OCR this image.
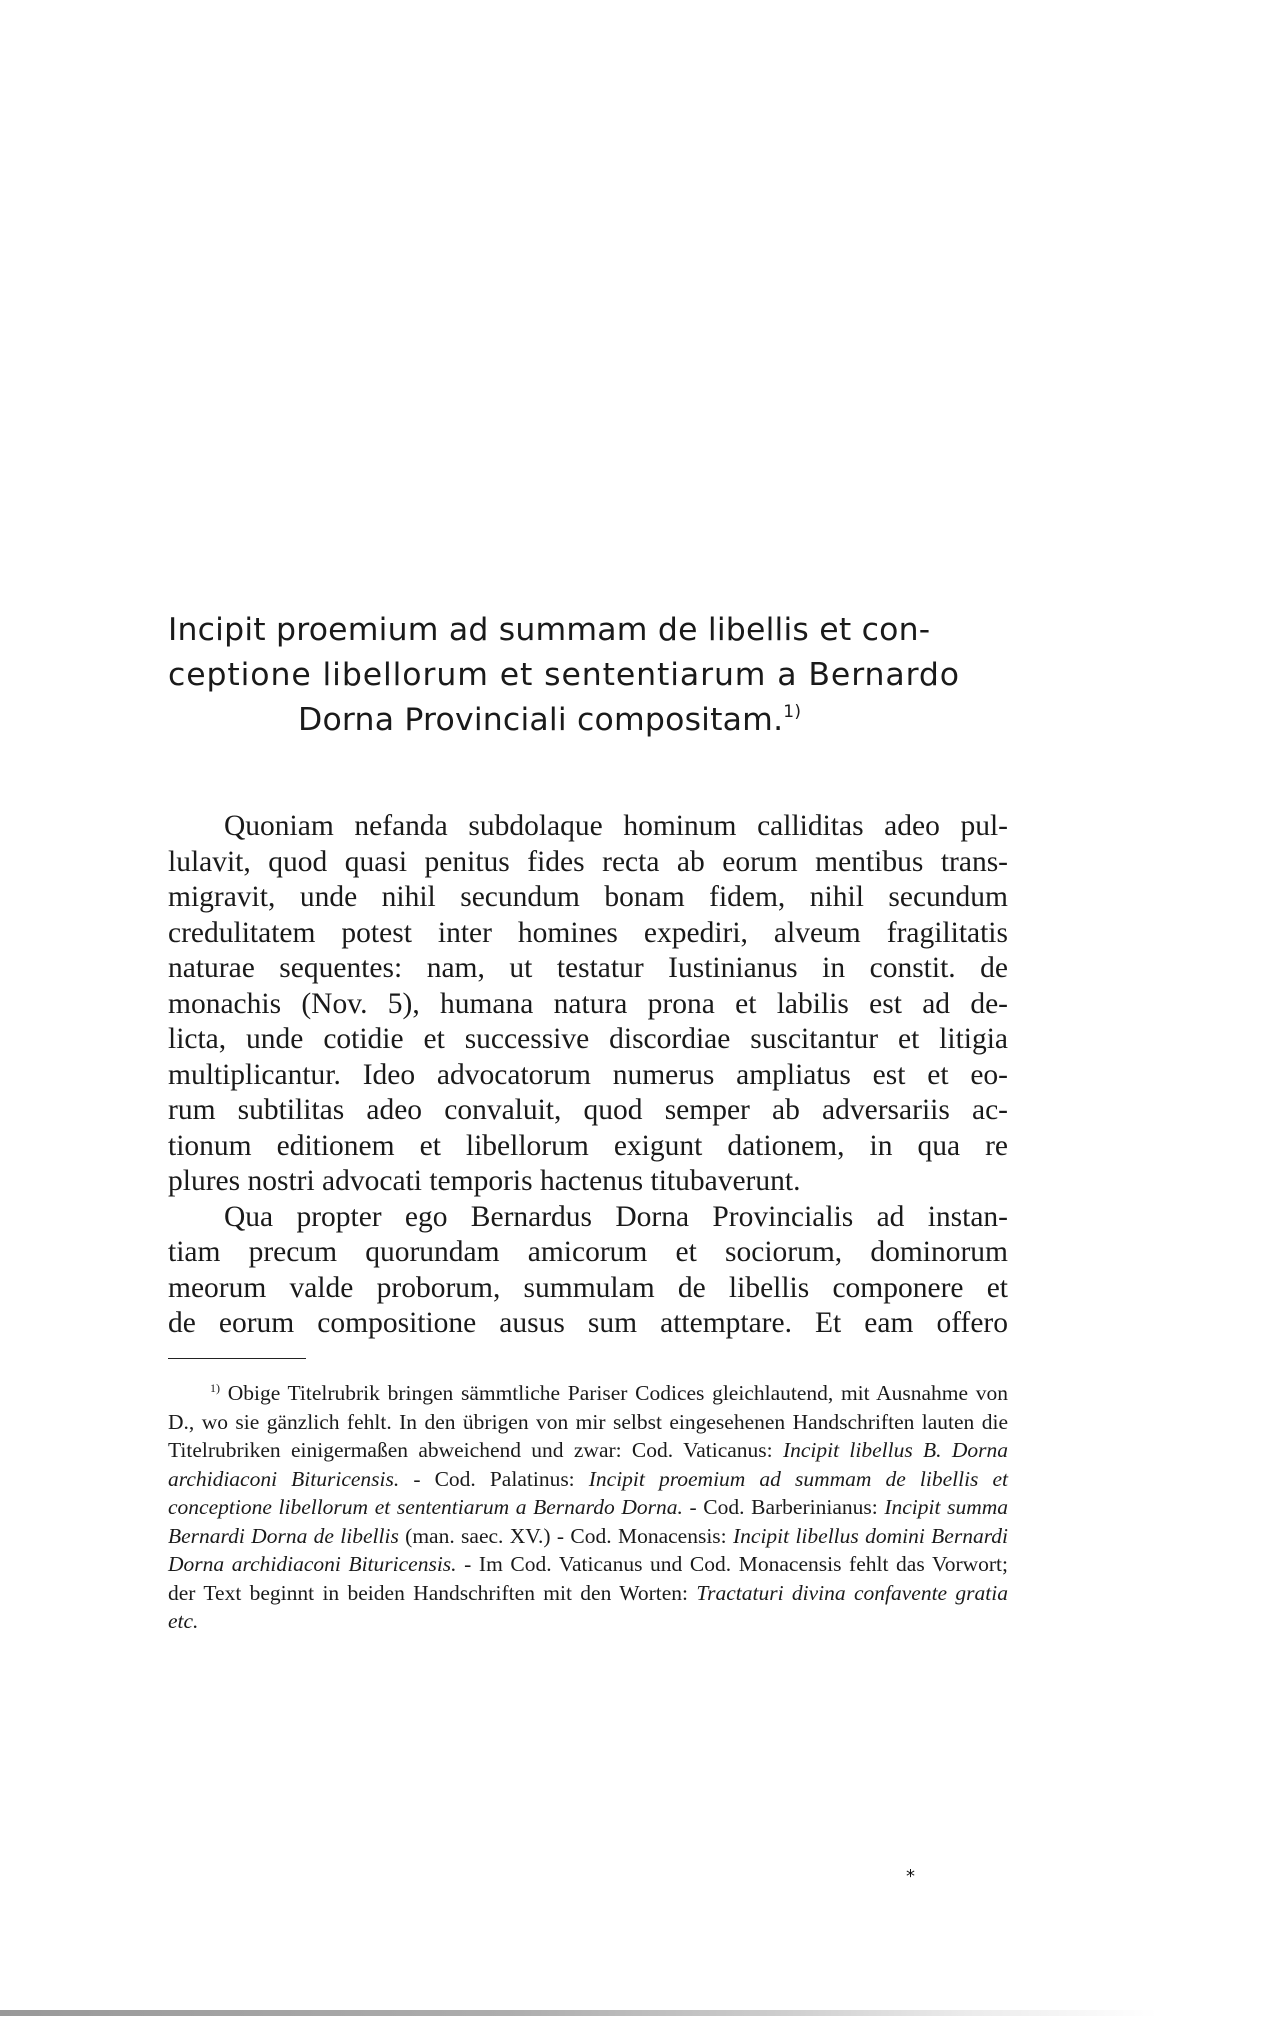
Incipit proemium ad summam de libellis et con-
ceptione libellorum et sententiarum a Bernardo
Dorna Provinciali compositam.$^{1)}$

Quoniam nefanda subdolaque hominum calliditas adeo pul-

lulavit, quod quasi penitus fides recta ab eorum mentibus trans-

migravit, unde nihil secundum bonam fidem, nihil secundum

credulitatem potest inter homines expediri, alveum fragilitatis

naturae sequentes: nam, ut testatur Iustinianus in constit. de

monachis (Nov. 5), humana natura prona et labilis est ad de-

licta, unde cotidie et successive discordiae suscitantur et litigia

multiplicantur. Ideo advocatorum numerus ampliatus est et eo-

rum subtilitas adeo convaluit, quod semper ab adversariis ac-

tionum editionem et libellorum exigunt dationem, in qua re

plures nostri advocati temporis hactenus titubaverunt.

Qua propter ego Bernardus Dorna Provincialis ad instan-

tiam precum quorundam amicorum et sociorum, dominorum

meorum valde proborum, summulam de libellis componere et

de eorum compositione ausus sum attemptare. Et eam offero

$^{1)}$ Obige Titelrubrik bringen sämmtliche Pariser Codices gleichlautend, mit Ausnahme von D., wo sie gänzlich fehlt. In den übrigen von mir selbst eingesehenen Handschriften lauten die Titelrubriken einigermaßen abweichend und zwar: Cod. Vaticanus: Incipit libellus B. Dorna archidiaconi Bituricensis. - Cod. Palatinus: Incipit proemium ad summam de libellis et conceptione libellorum et sententiarum a Bernardo Dorna. - Cod. Barberinianus: Incipit summa Bernardi Dorna de libellis (man. saec. XV.) - Cod. Monacensis: Incipit libellus domini Bernardi Dorna archidiaconi Bituricensis. - Im Cod. Vaticanus und Cod. Monacensis fehlt das Vorwort; der Text beginnt in beiden Handschriften mit den Worten: Tractaturi divina confavente gratia etc.

*
